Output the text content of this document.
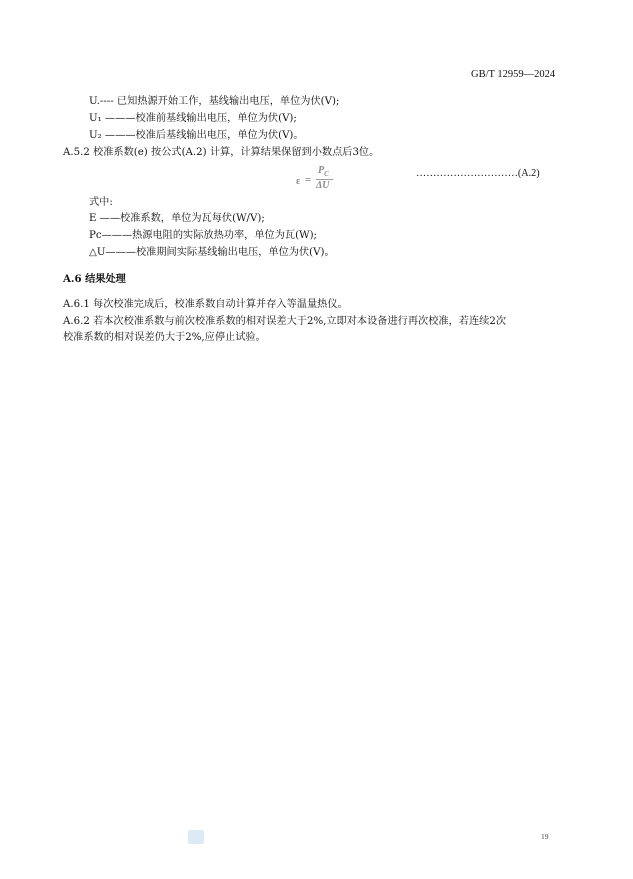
GB/T 12959—2024
U.---- 已知热源开始工作，基线输出电压，单位为伏(V);
U₁ ———校准前基线输出电压，单位为伏(V);
U₂ ———校准后基线输出电压，单位为伏(V)。
A.5.2 校准系数(e) 按公式(A.2) 计算，计算结果保留到小数点后3位。
ε =
$P_C$
ΔU
…………………………(A.2)
式中:
E ——校准系数，单位为瓦每伏(W/V);
Pc———热源电阻的实际放热功率，单位为瓦(W);
△U———校准期间实际基线输出电压，单位为伏(V)。
A.6 结果处理
A.6.1 每次校准完成后，校准系数自动计算并存入等温量热仪。
A.6.2 若本次校准系数与前次校准系数的相对误差大于2%,立即对本设备进行再次校准，若连续2次
校准系数的相对误差仍大于2%,应停止试验。
19
